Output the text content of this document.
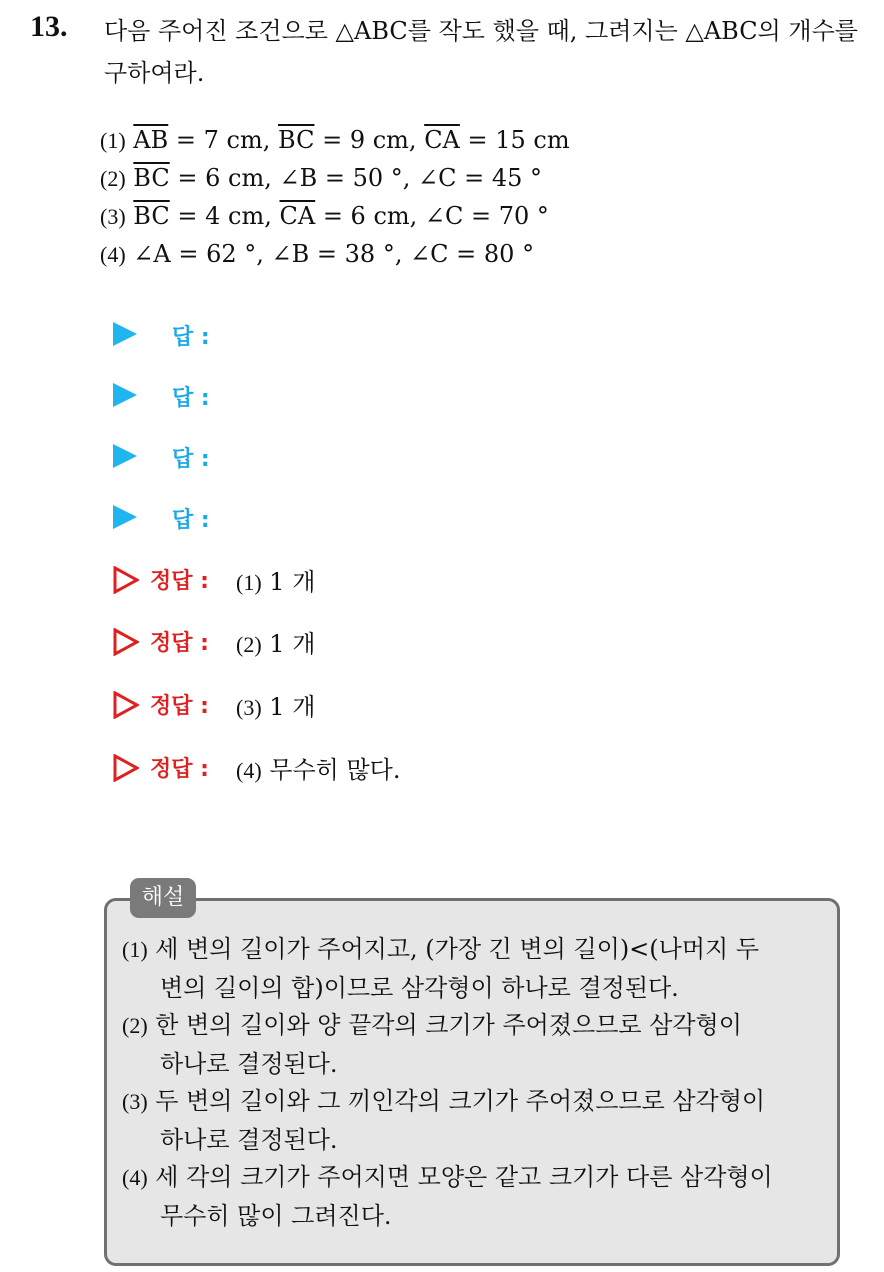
13. 다음 주어진 조건으로 △ABC를 작도 했을 때, 그려지는 △ABC의 개수를 구하여라.
(1) $\overline{AB} = 7$ cm, $\overline{BC} = 9$ cm, $\overline{CA} = 15$ cm
(2) $\overline{BC} = 6$ cm, ∠B = 50 °, ∠C = 45 °
(3) $\overline{BC} = 4$ cm, $\overline{CA} = 6$ cm, ∠C = 70 °
(4) ∠A = 62 °, ∠B = 38 °, ∠C = 80 °
답 :
답 :
답 :
답 :
정답 : (1) 1 개
정답 : (2) 1 개
정답 : (3) 1 개
정답 : (4) 무수히 많다.
해설
(1) 세 변의 길이가 주어지고, (가장 긴 변의 길이)<(나머지 두
변의 길이의 합)이므로 삼각형이 하나로 결정된다.
(2) 한 변의 길이와 양 끝각의 크기가 주어졌으므로 삼각형이
하나로 결정된다.
(3) 두 변의 길이와 그 끼인각의 크기가 주어졌으므로 삼각형이
하나로 결정된다.
(4) 세 각의 크기가 주어지면 모양은 같고 크기가 다른 삼각형이
무수히 많이 그려진다.
